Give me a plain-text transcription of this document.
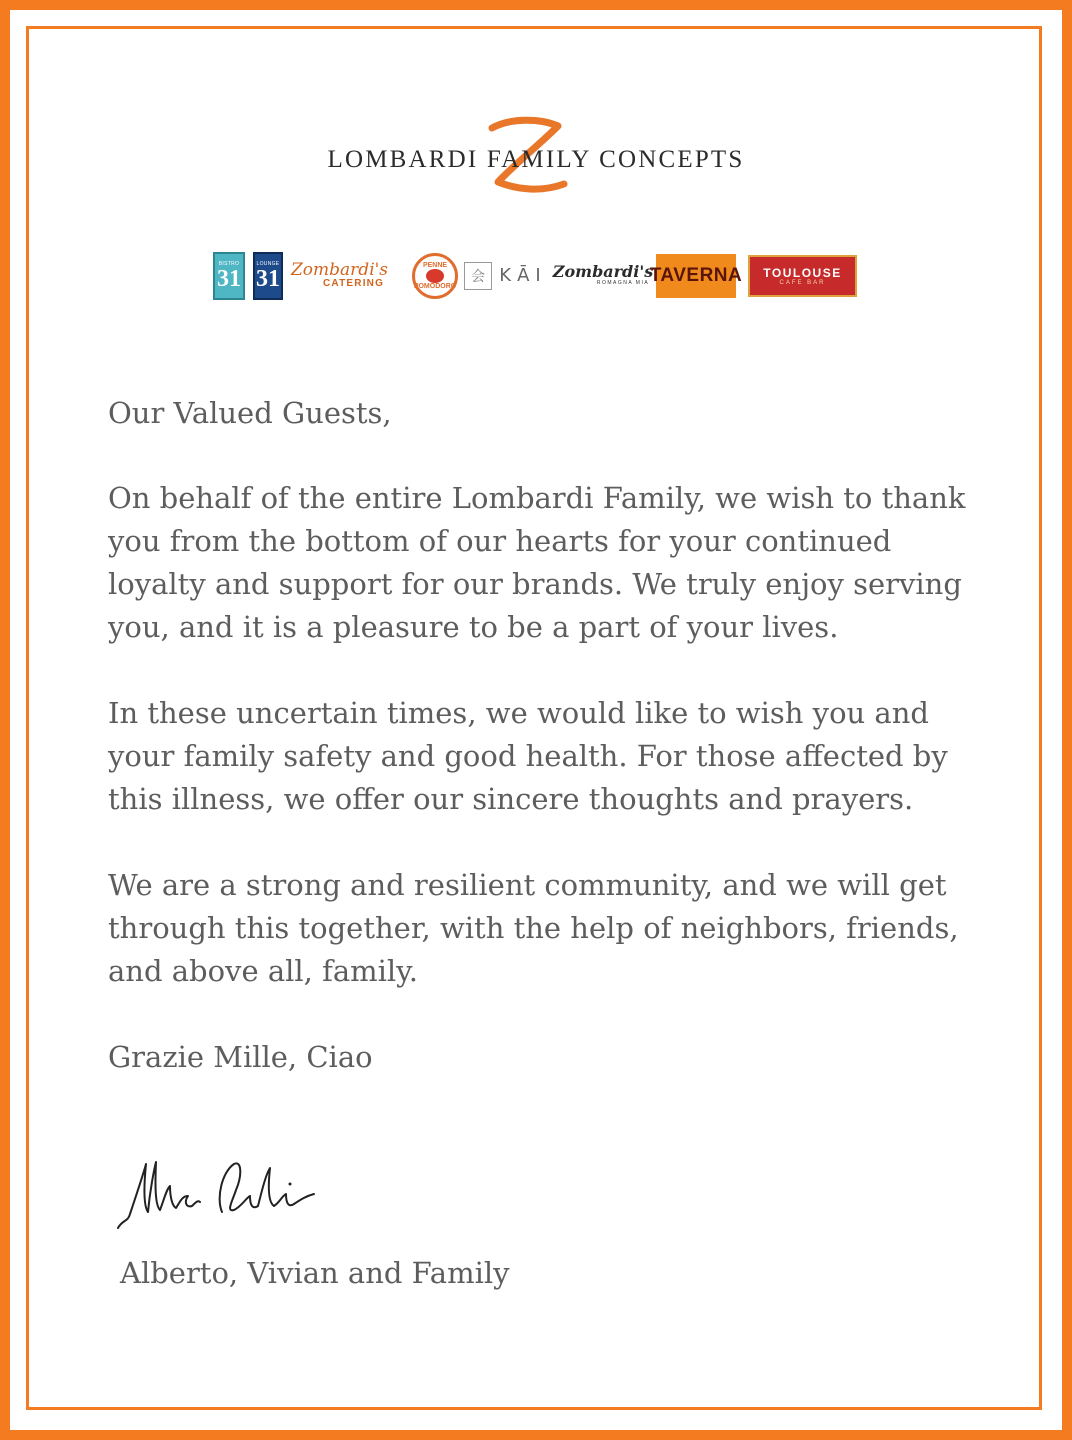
LOMBARDI FAMILY CONCEPTS
BISTRO
31
LOUNGE
31 Zombardi's
CATERING
PENNE
POMODORO
会 KĀI Zombardi's
ROMAGNA MIA TAVERNA TOULOUSE
CAFE BAR

Our Valued Guests,

On behalf of the entire Lombardi Family, we wish to thank you from the bottom of our hearts for your continued loyalty and support for our brands. We truly enjoy serving you, and it is a pleasure to be a part of your lives.

In these uncertain times, we would like to wish you and your family safety and good health. For those affected by this illness, we offer our sincere thoughts and prayers.

We are a strong and resilient community, and we will get through this together, with the help of neighbors, friends, and above all, family.

Grazie Mille, Ciao

Alberto, Vivian and Family
